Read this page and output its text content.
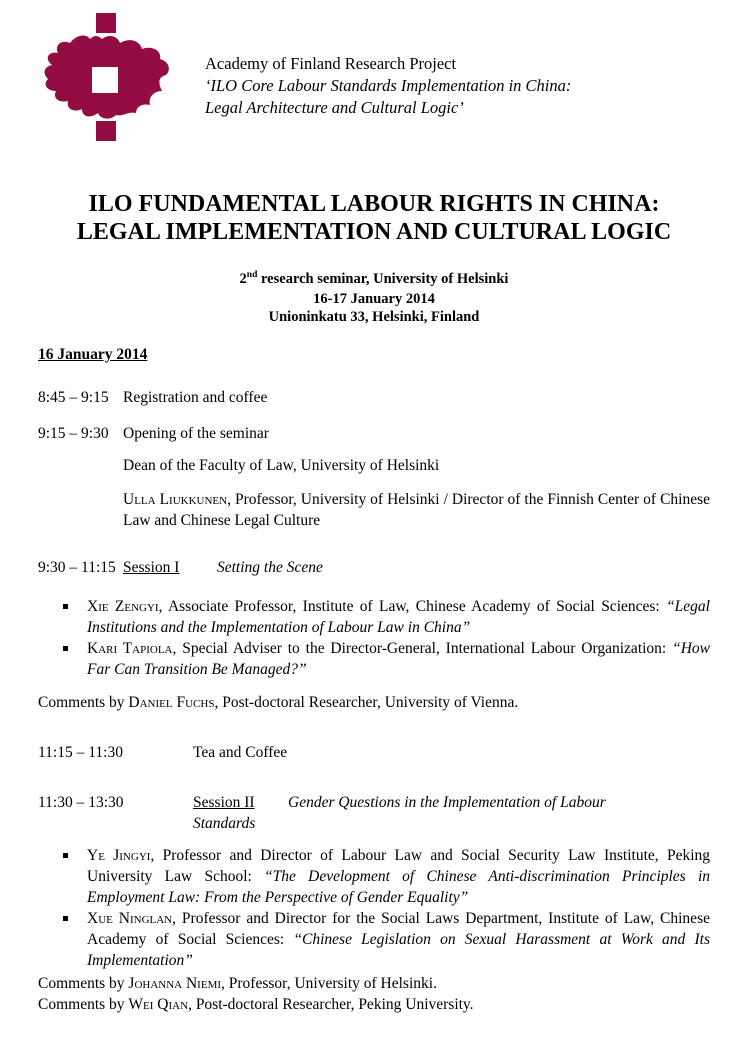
Academy of Finland Research Project
‘ILO Core Labour Standards Implementation in China:
Legal Architecture and Cultural Logic’
ILO FUNDAMENTAL LABOUR RIGHTS IN CHINA:
LEGAL IMPLEMENTATION AND CULTURAL LOGIC
2nd research seminar, University of Helsinki
16-17 January 2014
Unioninkatu 33, Helsinki, Finland
16 January 2014
8:45 – 9:15 Registration and coffee
9:15 – 9:30 Opening of the seminar
Dean of the Faculty of Law, University of Helsinki
Ulla Liukkunen, Professor, University of Helsinki / Director of the Finnish Center of Chinese Law and Chinese Legal Culture
9:30 – 11:15 Session I	Setting the Scene
Xie Zengyi, Associate Professor, Institute of Law, Chinese Academy of Social Sciences: “Legal Institutions and the Implementation of Labour Law in China”
Kari Tapiola, Special Adviser to the Director-General, International Labour Organization: “How Far Can Transition Be Managed?”
Comments by Daniel Fuchs, Post-doctoral Researcher, University of Vienna.
11:15 – 11:30	Tea and Coffee
11:30 – 13:30	Session II	Gender Questions in the Implementation of Labour
Standards
Ye Jingyi, Professor and Director of Labour Law and Social Security Law Institute, Peking University Law School: “The Development of Chinese Anti-discrimination Principles in Employment Law: From the Perspective of Gender Equality”
Xue Ninglan, Professor and Director for the Social Laws Department, Institute of Law, Chinese Academy of Social Sciences: “Chinese Legislation on Sexual Harassment at Work and Its Implementation”
Comments by Johanna Niemi, Professor, University of Helsinki.
Comments by Wei Qian, Post-doctoral Researcher, Peking University.
